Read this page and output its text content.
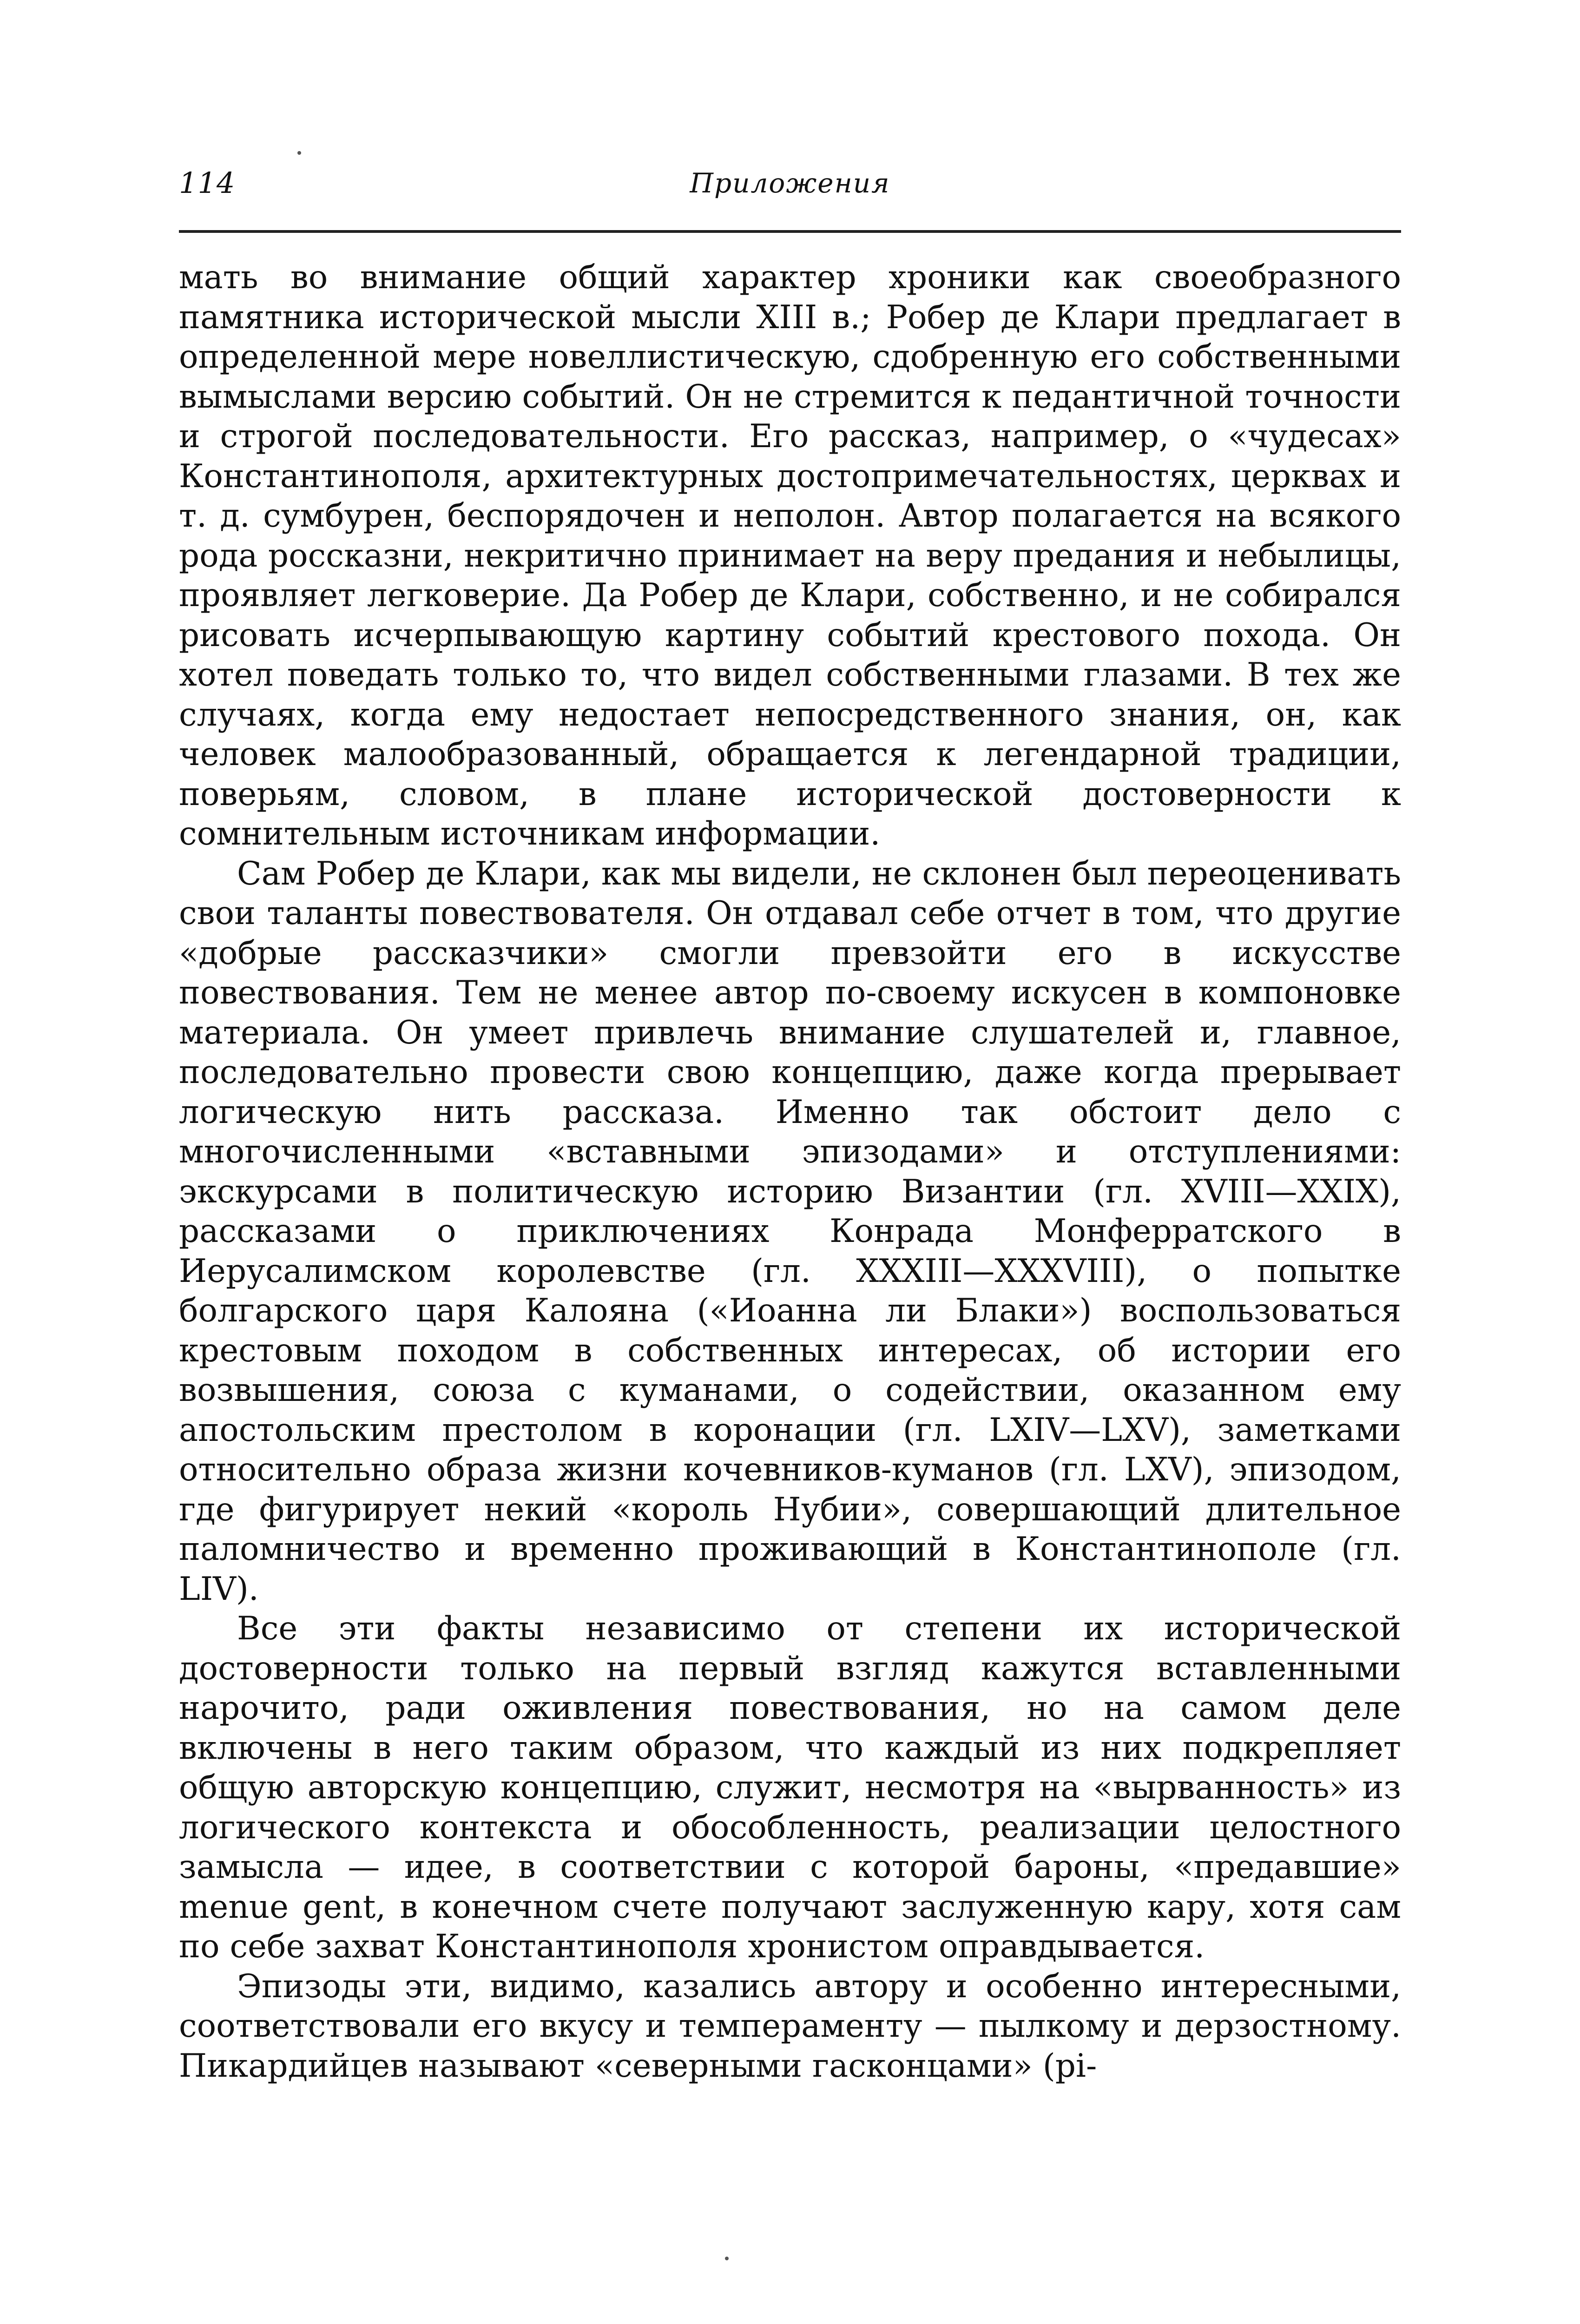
114	Приложения

мать во внимание общий характер хроники как своеобразного памятника исторической мысли XIII в.; Робер де Клари предлагает в определенной мере новеллистическую, сдобренную его собственными вымыслами версию событий. Он не стремится к педантичной точности и строгой последовательности. Его рассказ, например, о «чудесах» Константинополя, архитектурных достопримечательностях, церквах и т. д. сумбурен, беспорядочен и неполон. Автор полагается на всякого рода россказни, некритично принимает на веру предания и небылицы, проявляет легковерие. Да Робер де Клари, собственно, и не собирался рисовать исчерпывающую картину событий крестового похода. Он хотел поведать только то, что видел собственными глазами. В тех же случаях, когда ему недостает непосредственного знания, он, как человек малообразованный, обращается к легендарной традиции, поверьям, словом, в плане исторической достоверности к сомнительным источникам информации.

Сам Робер де Клари, как мы видели, не склонен был переоценивать свои таланты повествователя. Он отдавал себе отчет в том, что другие «добрые рассказчики» смогли превзойти его в искусстве повествования. Тем не менее автор по-своему искусен в компоновке материала. Он умеет привлечь внимание слушателей и, главное, последовательно провести свою концепцию, даже когда прерывает логическую нить рассказа. Именно так обстоит дело с многочисленными «вставными эпизодами» и отступлениями: экскурсами в политическую историю Византии (гл. XVIII—XXIX), рассказами о приключениях Конрада Монферратского в Иерусалимском королевстве (гл. XXXIII—XXXVIII), о попытке болгарского царя Калояна («Иоанна ли Блаки») воспользоваться крестовым походом в собственных интересах, об истории его возвышения, союза с куманами, о содействии, оказанном ему апостольским престолом в коронации (гл. LXIV—LXV), заметками относительно образа жизни кочевников-куманов (гл. LXV), эпизодом, где фигурирует некий «король Нубии», совершающий длительное паломничество и временно проживающий в Константинополе (гл. LIV).

Все эти факты независимо от степени их исторической достоверности только на первый взгляд кажутся вставленными нарочито, ради оживления повествования, но на самом деле включены в него таким образом, что каждый из них подкрепляет общую авторскую концепцию, служит, несмотря на «вырванность» из логического контекста и обособленность, реализации целостного замысла — идее, в соответствии с которой бароны, «предавшие» menue gent, в конечном счете получают заслуженную кару, хотя сам по себе захват Константинополя хронистом оправдывается.

Эпизоды эти, видимо, казались автору и особенно интересными, соответствовали его вкусу и темпераменту — пылкому и дерзостному. Пикардийцев называют «северными гасконцами» (pi-
